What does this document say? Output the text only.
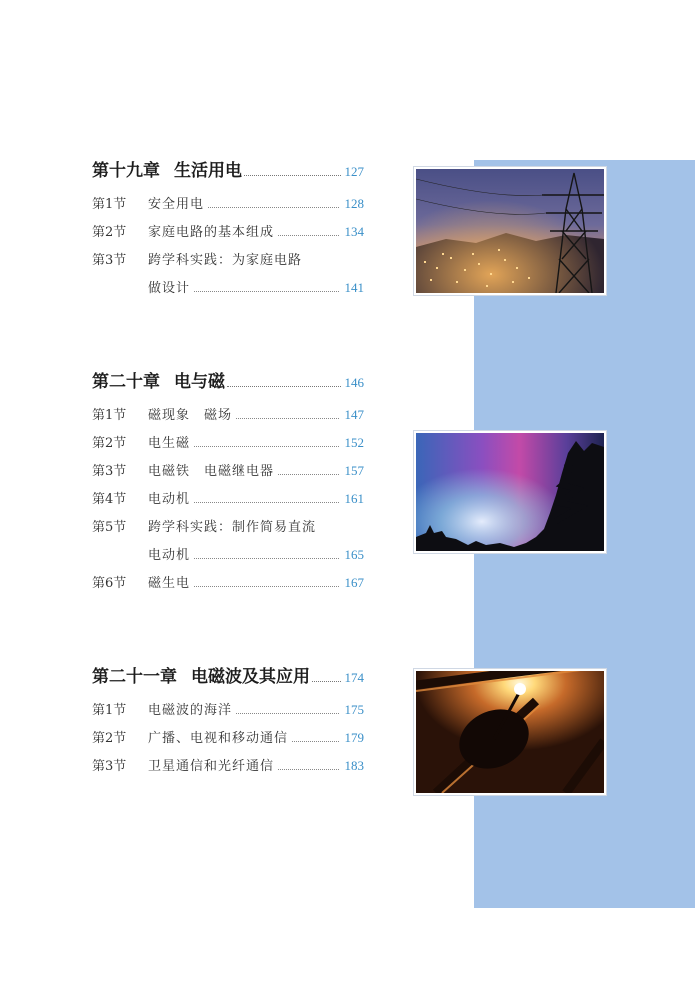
第十九章 生活用电	127
第1节	安全用电	128
第2节	家庭电路的基本组成	134
第3节	跨学科实践：为家庭电路
做设计	141
第二十章 电与磁	146
第1节	磁现象　磁场	147
第2节	电生磁	152
第3节	电磁铁　电磁继电器	157
第4节	电动机	161
第5节	跨学科实践：制作简易直流
电动机	165
第6节	磁生电	167
第二十一章 电磁波及其应用	174
第1节	电磁波的海洋	175
第2节	广播、电视和移动通信	179
第3节	卫星通信和光纤通信	183
